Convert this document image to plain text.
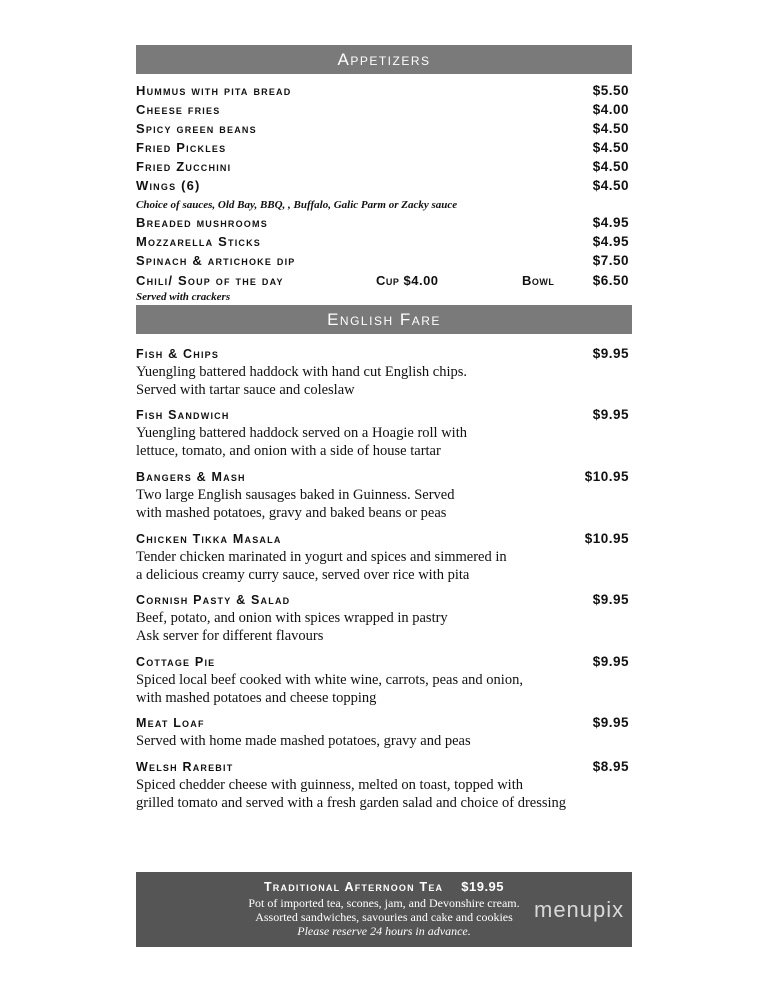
Appetizers
Hummus with pita bread	$5.50
Cheese fries	$4.00
Spicy green beans	$4.50
Fried Pickles	$4.50
Fried Zucchini	$4.50
Wings (6)	$4.50
Choice of sauces, Old Bay, BBQ, , Buffalo, Galic Parm or Zacky sauce
Breaded mushrooms	$4.95
Mozzarella Sticks	$4.95
Spinach & artichoke dip	$7.50
Chili/ Soup of the day	Cup $4.00	Bowl	$6.50
Served with crackers
English Fare
Fish & Chips	$9.95
Yuengling battered haddock with hand cut English chips.
Served with tartar sauce and coleslaw
Fish Sandwich	$9.95
Yuengling battered haddock served on a Hoagie roll with
lettuce, tomato, and onion with a side of house tartar
Bangers & Mash	$10.95
Two large English sausages baked in Guinness. Served
with mashed potatoes, gravy and baked beans or peas
Chicken Tikka Masala	$10.95
Tender chicken marinated in yogurt and spices and simmered in
a delicious creamy curry sauce, served over rice with pita
Cornish Pasty & Salad	$9.95
Beef, potato, and onion with spices wrapped in pastry
Ask server for different flavours
Cottage Pie	$9.95
Spiced local beef cooked with white wine, carrots, peas and onion,
with mashed potatoes and cheese topping
Meat Loaf	$9.95
Served with home made mashed potatoes, gravy and peas
Welsh Rarebit	$8.95
Spiced chedder cheese with guinness, melted on toast, topped with
grilled tomato and served with a fresh garden salad and choice of dressing
Traditional Afternoon Tea $19.95
Pot of imported tea, scones, jam, and Devonshire cream.
Assorted sandwiches, savouries and cake and cookies
Please reserve 24 hours in advance.
menupix
